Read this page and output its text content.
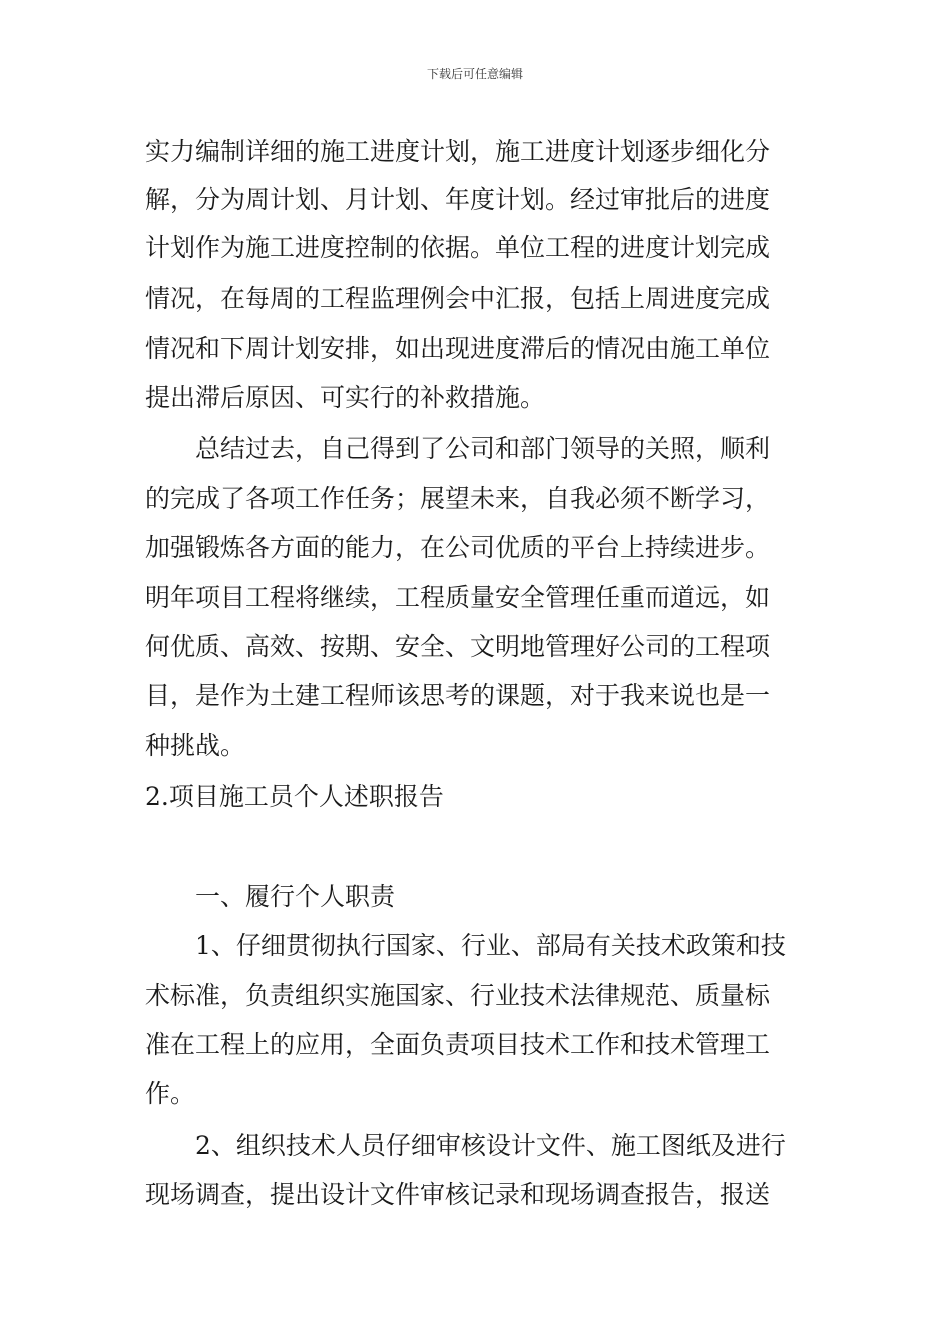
下载后可任意编辑
实力编制详细的施工进度计划，施工进度计划逐步细化分
解，分为周计划、月计划、年度计划。经过审批后的进度
计划作为施工进度控制的依据。单位工程的进度计划完成
情况，在每周的工程监理例会中汇报，包括上周进度完成
情况和下周计划安排，如出现进度滞后的情况由施工单位
提出滞后原因、可实行的补救措施。
总结过去，自己得到了公司和部门领导的关照，顺利
的完成了各项工作任务；展望未来，自我必须不断学习，
加强锻炼各方面的能力，在公司优质的平台上持续进步。
明年项目工程将继续，工程质量安全管理任重而道远，如
何优质、高效、按期、安全、文明地管理好公司的工程项
目，是作为土建工程师该思考的课题，对于我来说也是一
种挑战。
2.项目施工员个人述职报告
一、履行个人职责
1、仔细贯彻执行国家、行业、部局有关技术政策和技
术标准，负责组织实施国家、行业技术法律规范、质量标
准在工程上的应用，全面负责项目技术工作和技术管理工
作。
2、组织技术人员仔细审核设计文件、施工图纸及进行
现场调查，提出设计文件审核记录和现场调查报告，报送
